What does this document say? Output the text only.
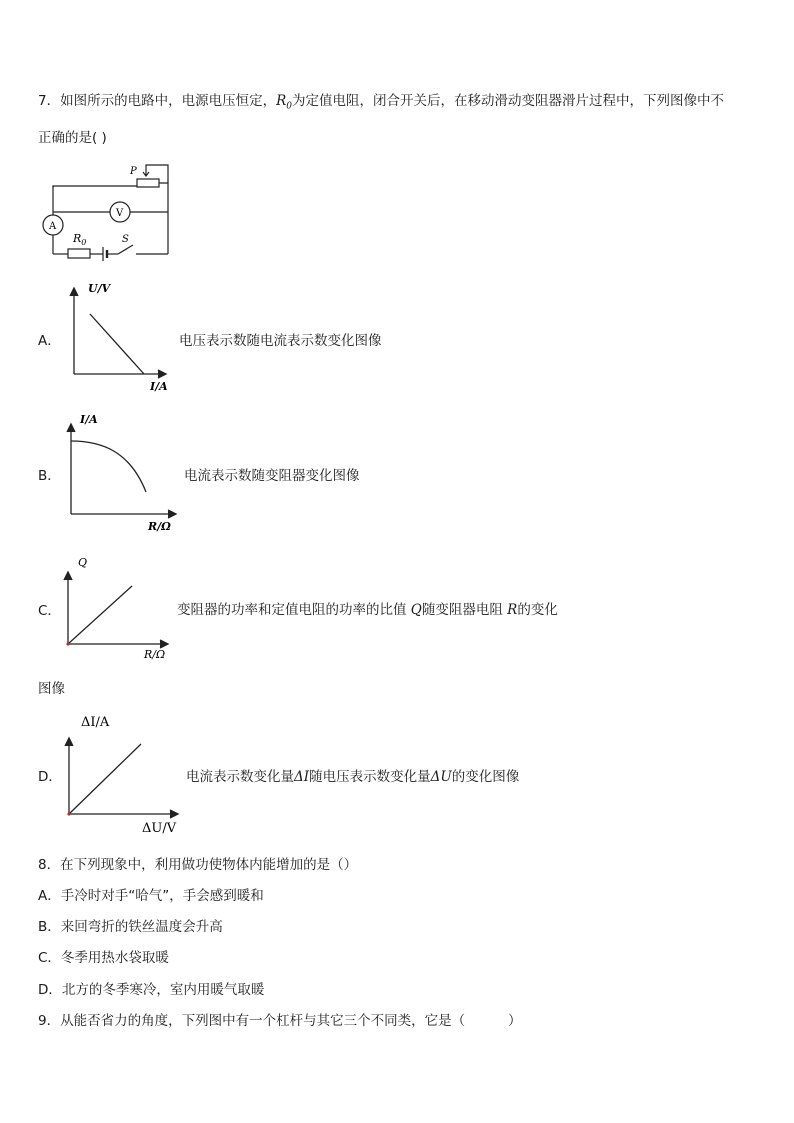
7．如图所示的电路中，电源电压恒定，$R_0$为定值电阻，闭合开关后，在移动滑动变阻器滑片过程中，下列图像中不
正确的是( )
P
V
A
$R_0$	S
A．
U/V
I/A
电压表示数随电流表示数变化图像
B．
I/A
R/Ω
电流表示数随变阻器变化图像
C．
Q
R/Ω
变阻器的功率和定值电阻的功率的比值 Q随变阻器电阻 R的变化
图像
D．
ΔI/A
ΔU/V
电流表示数变化量ΔI随电压表示数变化量ΔU的变化图像
8．在下列现象中，利用做功使物体内能增加的是（）
A．手冷时对手“哈气”，手会感到暖和
B．来回弯折的铁丝温度会升高
C．冬季用热水袋取暖
D．北方的冬季寒冷，室内用暖气取暖
9．从能否省力的角度，下列图中有一个杠杆与其它三个不同类，它是（          ）
